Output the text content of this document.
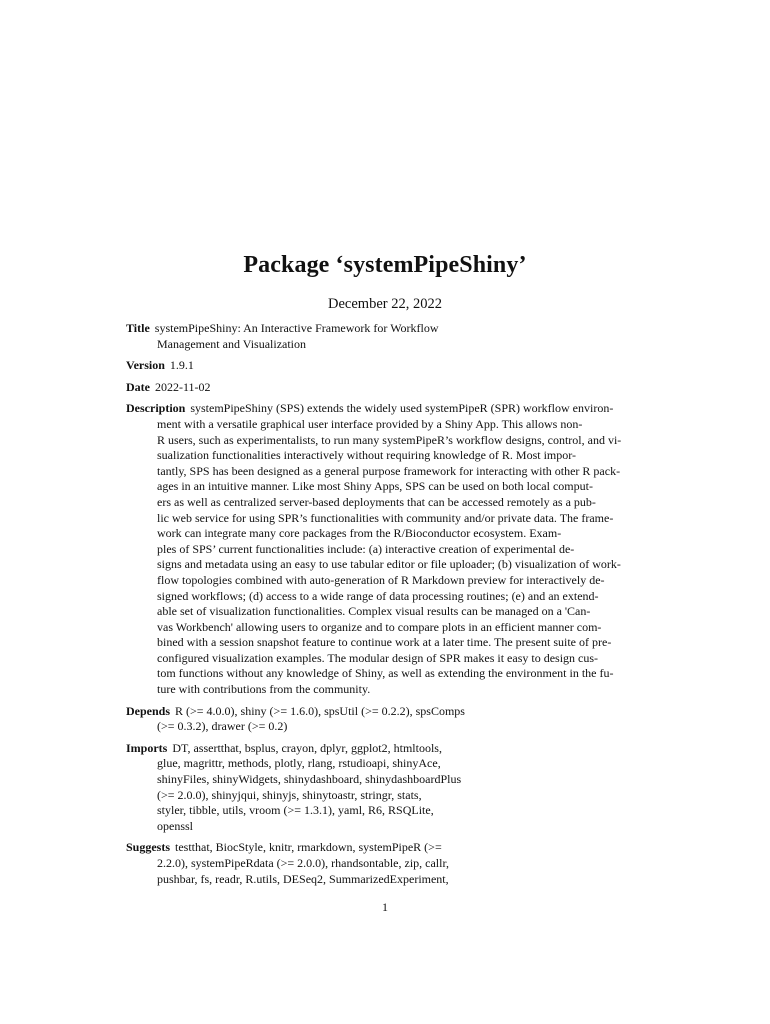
Package ‘systemPipeShiny’
December 22, 2022
Title systemPipeShiny: An Interactive Framework for Workflow
Management and Visualization
Version 1.9.1
Date 2022-11-02
Description systemPipeShiny (SPS) extends the widely used systemPipeR (SPR) workflow environ-
ment with a versatile graphical user interface provided by a Shiny App. This allows non-
R users, such as experimentalists, to run many systemPipeR’s workflow designs, control, and vi-
sualization functionalities interactively without requiring knowledge of R. Most impor-
tantly, SPS has been designed as a general purpose framework for interacting with other R pack-
ages in an intuitive manner. Like most Shiny Apps, SPS can be used on both local comput-
ers as well as centralized server-based deployments that can be accessed remotely as a pub-
lic web service for using SPR’s functionalities with community and/or private data. The frame-
work can integrate many core packages from the R/Bioconductor ecosystem. Exam-
ples of SPS’ current functionalities include: (a) interactive creation of experimental de-
signs and metadata using an easy to use tabular editor or file uploader; (b) visualization of work-
flow topologies combined with auto-generation of R Markdown preview for interactively de-
signed workflows; (d) access to a wide range of data processing routines; (e) and an extend-
able set of visualization functionalities. Complex visual results can be managed on a 'Can-
vas Workbench' allowing users to organize and to compare plots in an efficient manner com-
bined with a session snapshot feature to continue work at a later time. The present suite of pre-
configured visualization examples. The modular design of SPR makes it easy to design cus-
tom functions without any knowledge of Shiny, as well as extending the environment in the fu-
ture with contributions from the community.
Depends R (>= 4.0.0), shiny (>= 1.6.0), spsUtil (>= 0.2.2), spsComps
(>= 0.3.2), drawer (>= 0.2)
Imports DT, assertthat, bsplus, crayon, dplyr, ggplot2, htmltools,
glue, magrittr, methods, plotly, rlang, rstudioapi, shinyAce,
shinyFiles, shinyWidgets, shinydashboard, shinydashboardPlus
(>= 2.0.0), shinyjqui, shinyjs, shinytoastr, stringr, stats,
styler, tibble, utils, vroom (>= 1.3.1), yaml, R6, RSQLite,
openssl
Suggests testthat, BiocStyle, knitr, rmarkdown, systemPipeR (>=
2.2.0), systemPipeRdata (>= 2.0.0), rhandsontable, zip, callr,
pushbar, fs, readr, R.utils, DESeq2, SummarizedExperiment,
1
